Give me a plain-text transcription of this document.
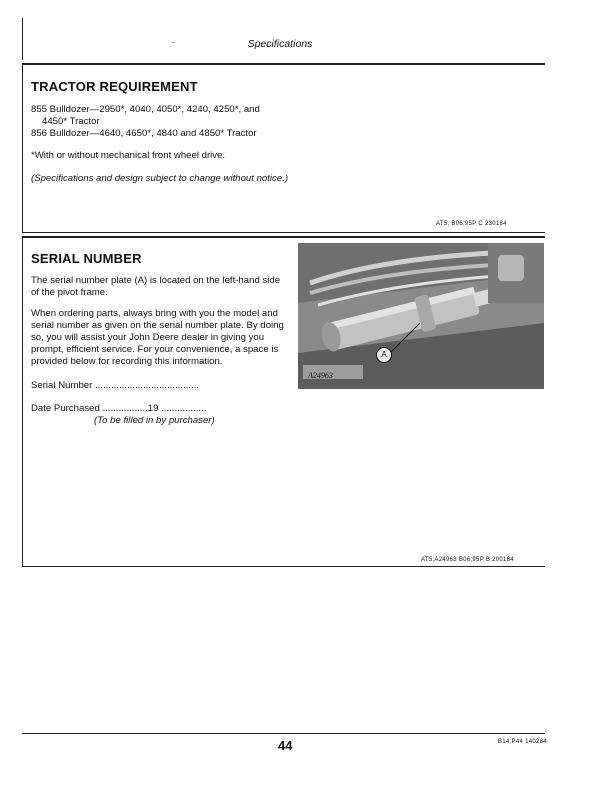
-	Specifications
TRACTOR REQUIREMENT
855 Bulldozer—2950*, 4040, 4050*, 4240, 4250*, and
4450* Tractor
856 Bulldozer—4640, 4650*, 4840 and 4850* Tractor
*With or without mechanical front wheel drive.
(Specifications and design subject to change without notice.)
AT5; B06;95P C 230184
SERIAL NUMBER
The serial number plate (A) is located on the left-hand side
of the pivot frame.
When ordering parts, always bring with you the model and
serial number as given on the serial number plate. By doing
so, you will assist your John Deere dealer in giving you
prompt, efficient service. For your convenience, a space is
provided below for recording this information.
Serial Number .......................................
Date Purchased .................19 .................
(To be filled in by purchaser)
A
A24963
AT5;A24963 B06;95P B 200184
44	B14;P44 140284
